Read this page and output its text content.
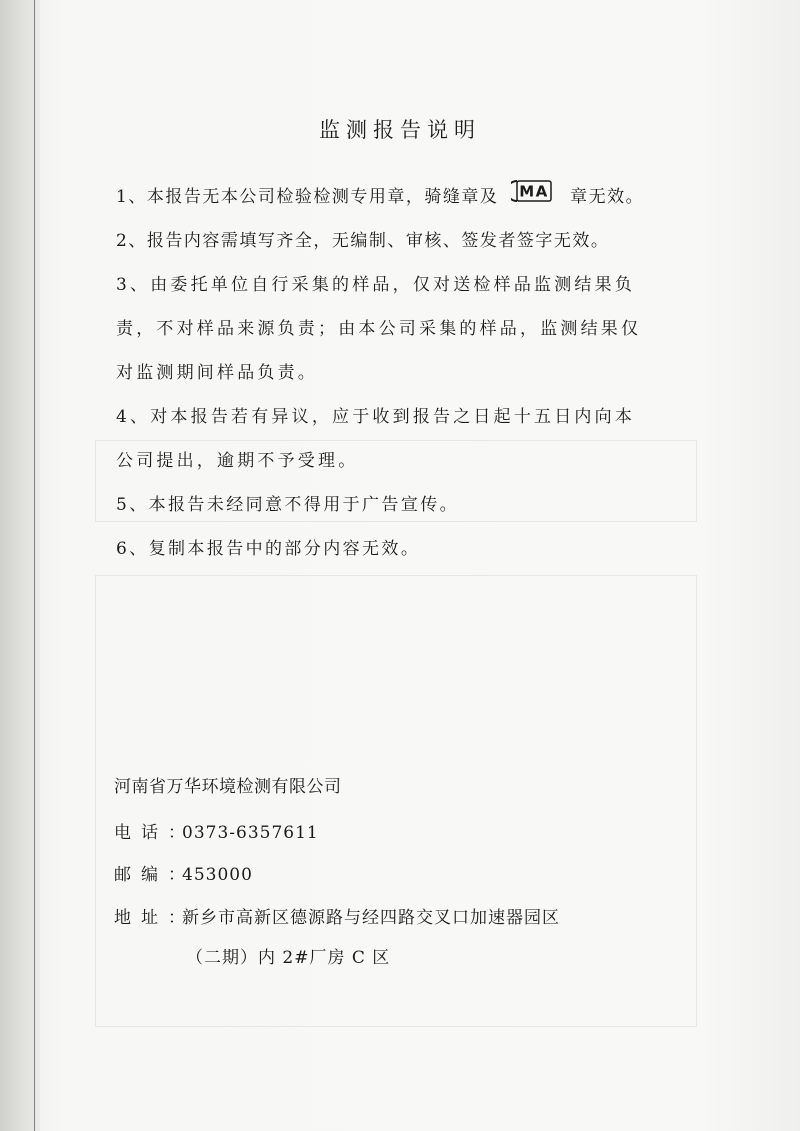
监测报告说明
1、本报告无本公司检验检测专用章，骑缝章及 MA 章无效。
2、报告内容需填写齐全，无编制、审核、签发者签字无效。
3、由委托单位自行采集的样品，仅对送检样品监测结果负
责，不对样品来源负责；由本公司采集的样品，监测结果仅
对监测期间样品负责。
4、对本报告若有异议，应于收到报告之日起十五日内向本
公司提出，逾期不予受理。
5、本报告未经同意不得用于广告宣传。
6、复制本报告中的部分内容无效。
河南省万华环境检测有限公司
电话：0373-6357611
邮编：453000
地址：新乡市高新区德源路与经四路交叉口加速器园区
（二期）内 2#厂房 C 区
